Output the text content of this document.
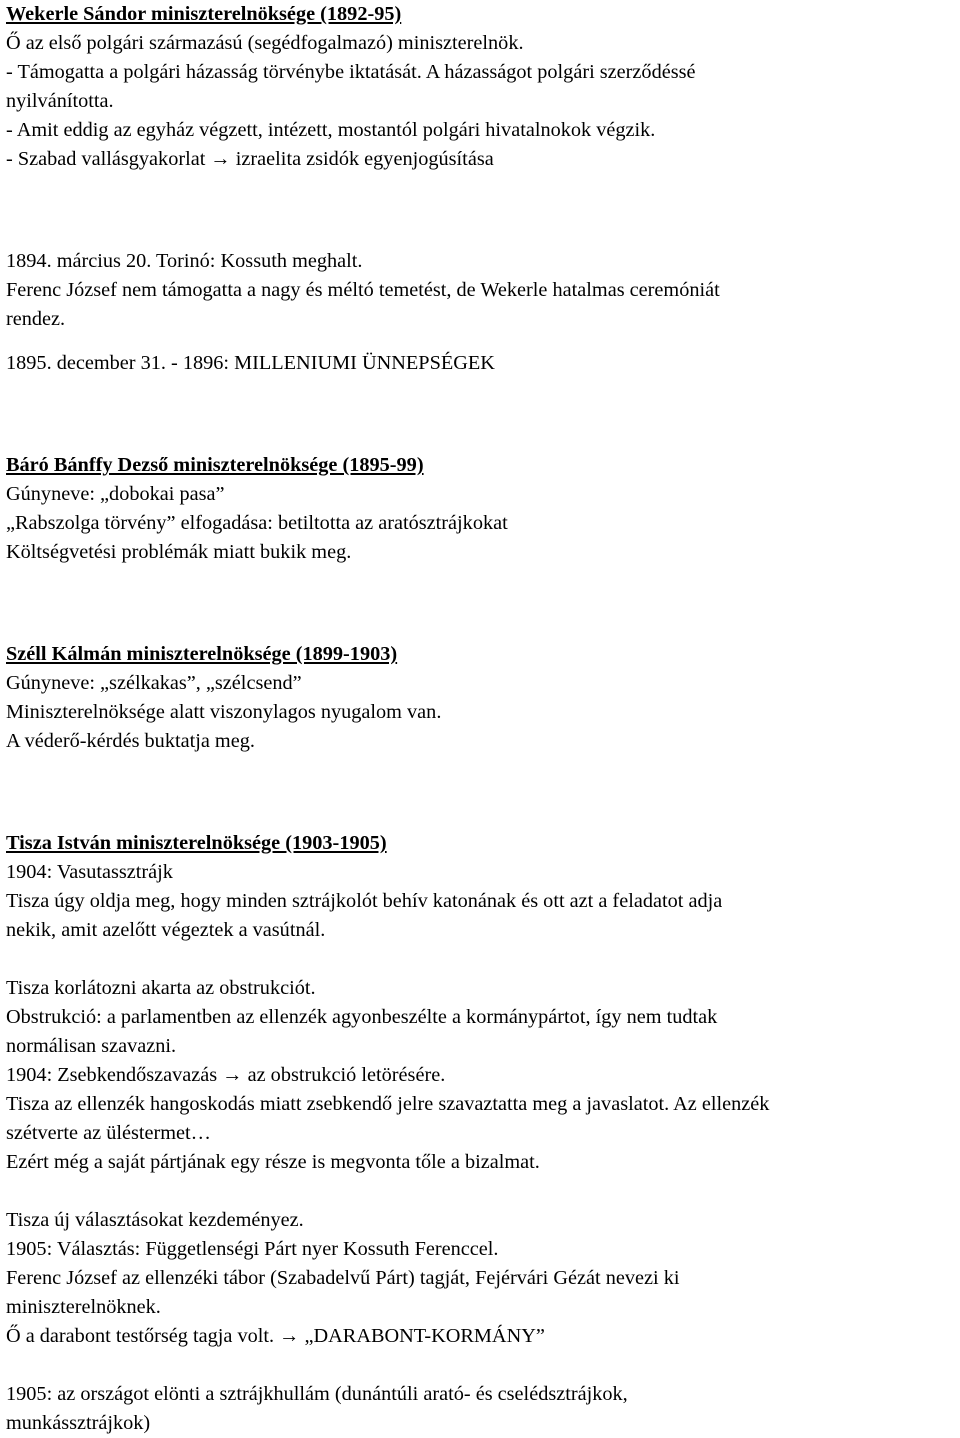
Wekerle Sándor miniszterelnöksége (1892-95)
Ő az első polgári származású (segédfogalmazó) miniszterelnök.
- Támogatta a polgári házasság törvénybe iktatását. A házasságot polgári szerződéssé
nyilvánította.
- Amit eddig az egyház végzett, intézett, mostantól polgári hivatalnokok végzik.
- Szabad vallásgyakorlat → izraelita zsidók egyenjogúsítása
1894. március 20. Torinó: Kossuth meghalt.
Ferenc József nem támogatta a nagy és méltó temetést, de Wekerle hatalmas ceremóniát
rendez.
1895. december 31. - 1896: MILLENIUMI ÜNNEPSÉGEK
Báró Bánffy Dezső miniszterelnöksége (1895-99)
Gúnyneve: „dobokai pasa”
„Rabszolga törvény” elfogadása: betiltotta az aratósztrájkokat
Költségvetési problémák miatt bukik meg.
Széll Kálmán miniszterelnöksége (1899-1903)
Gúnyneve: „szélkakas”, „szélcsend”
Miniszterelnöksége alatt viszonylagos nyugalom van.
A véderő-kérdés buktatja meg.
Tisza István miniszterelnöksége (1903-1905)
1904: Vasutassztrájk
Tisza úgy oldja meg, hogy minden sztrájkolót behív katonának és ott azt a feladatot adja
nekik, amit azelőtt végeztek a vasútnál.
Tisza korlátozni akarta az obstrukciót.
Obstrukció: a parlamentben az ellenzék agyonbeszélte a kormánypártot, így nem tudtak
normálisan szavazni.
1904: Zsebkendőszavazás → az obstrukció letörésére.
Tisza az ellenzék hangoskodás miatt zsebkendő jelre szavaztatta meg a javaslatot. Az ellenzék
szétverte az üléstermet…
Ezért még a saját pártjának egy része is megvonta tőle a bizalmat.
Tisza új választásokat kezdeményez.
1905: Választás: Függetlenségi Párt nyer Kossuth Ferenccel.
Ferenc József az ellenzéki tábor (Szabadelvű Párt) tagját, Fejérvári Gézát nevezi ki
miniszterelnöknek.
Ő a darabont testőrség tagja volt. → „DARABONT-KORMÁNY”
1905: az országot elönti a sztrájkhullám (dunántúli arató- és cselédsztrájkok,
munkássztrájkok)
